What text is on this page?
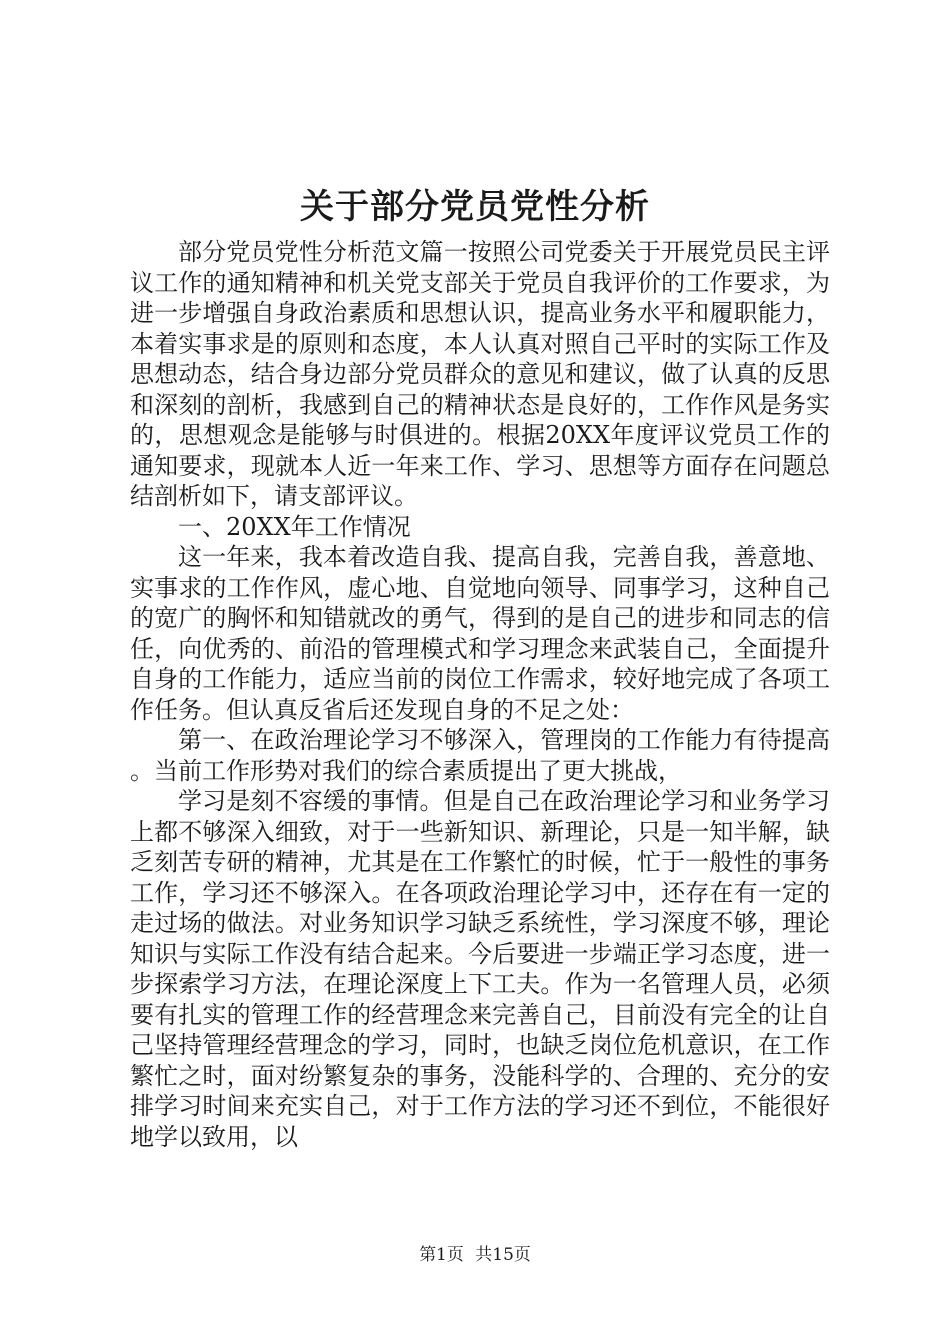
关于部分党员党性分析

部分党员党性分析范文篇一按照公司党委关于开展党员民主评议工作的通知精神和机关党支部关于党员自我评价的工作要求，为进一步增强自身政治素质和思想认识，提高业务水平和履职能力，本着实事求是的原则和态度，本人认真对照自己平时的实际工作及思想动态，结合身边部分党员群众的意见和建议，做了认真的反思和深刻的剖析，我感到自己的精神状态是良好的，工作作风是务实的，思想观念是能够与时俱进的。根据20XX年度评议党员工作的通知要求，现就本人近一年来工作、学习、思想等方面存在问题总结剖析如下，请支部评议。

一、20XX年工作情况

这一年来，我本着改造自我、提高自我，完善自我，善意地、实事求的工作作风，虚心地、自觉地向领导、同事学习，这种自己的宽广的胸怀和知错就改的勇气，得到的是自己的进步和同志的信任，向优秀的、前沿的管理模式和学习理念来武装自己，全面提升自身的工作能力，适应当前的岗位工作需求，较好地完成了各项工作任务。但认真反省后还发现自身的不足之处：

第一、在政治理论学习不够深入，管理岗的工作能力有待提高。当前工作形势对我们的综合素质提出了更大挑战，

学习是刻不容缓的事情。但是自己在政治理论学习和业务学习上都不够深入细致，对于一些新知识、新理论，只是一知半解，缺乏刻苦专研的精神，尤其是在工作繁忙的时候，忙于一般性的事务工作，学习还不够深入。在各项政治理论学习中，还存在有一定的走过场的做法。对业务知识学习缺乏系统性，学习深度不够，理论知识与实际工作没有结合起来。今后要进一步端正学习态度，进一步探索学习方法，在理论深度上下工夫。作为一名管理人员，必须要有扎实的管理工作的经营理念来完善自己，目前没有完全的让自己坚持管理经营理念的学习，同时，也缺乏岗位危机意识，在工作繁忙之时，面对纷繁复杂的事务，没能科学的、合理的、充分的安排学习时间来充实自己，对于工作方法的学习还不到位，不能很好地学以致用，以

第1页 共15页
